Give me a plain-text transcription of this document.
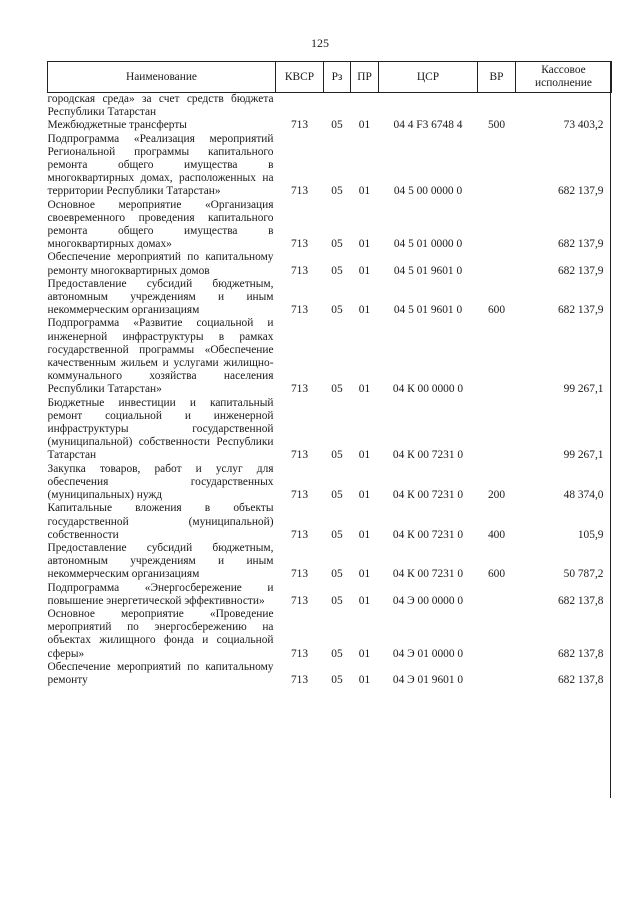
125
Наименование	КВСР	Рз	ПР	ЦСР	ВР	Кассовое исполнение
городская среда» за счет средств бюджета Республики Татарстан						
Межбюджетные трансферты	713	05	01	04 4 F3 6748 4	500	73 403,2
Подпрограмма «Реализация мероприятий Региональной программы капитального ремонта общего имущества в многоквартирных домах, расположенных на территории Республики Татарстан»	713	05	01	04 5 00 0000 0		682 137,9
Основное мероприятие «Организация своевременного проведения капитального ремонта общего имущества в многоквартирных домах»	713	05	01	04 5 01 0000 0		682 137,9
Обеспечение мероприятий по капитальному ремонту многоквартирных домов	713	05	01	04 5 01 9601 0		682 137,9
Предоставление субсидий бюджетным, автономным учреждениям и иным некоммерческим организациям	713	05	01	04 5 01 9601 0	600	682 137,9
Подпрограмма «Развитие социальной и инженерной инфраструктуры в рамках государственной программы «Обеспечение качественным жильем и услугами жилищно-коммунального хозяйства населения Республики Татарстан»	713	05	01	04 К 00 0000 0		99 267,1
Бюджетные инвестиции и капитальный ремонт социальной и инженерной инфраструктуры государственной (муниципальной) собственности Республики Татарстан	713	05	01	04 К 00 7231 0		99 267,1
Закупка товаров, работ и услуг для обеспечения государственных (муниципальных) нужд	713	05	01	04 К 00 7231 0	200	48 374,0
Капитальные вложения в объекты государственной (муниципальной) собственности	713	05	01	04 К 00 7231 0	400	105,9
Предоставление субсидий бюджетным, автономным учреждениям и иным некоммерческим организациям	713	05	01	04 К 00 7231 0	600	50 787,2
Подпрограмма «Энергосбережение и повышение энергетической эффективности»	713	05	01	04 Э 00 0000 0		682 137,8
Основное мероприятие «Проведение мероприятий по энергосбережению на объектах жилищного фонда и социальной сферы»	713	05	01	04 Э 01 0000 0		682 137,8
Обеспечение мероприятий по капитальному ремонту	713	05	01	04 Э 01 9601 0		682 137,8
